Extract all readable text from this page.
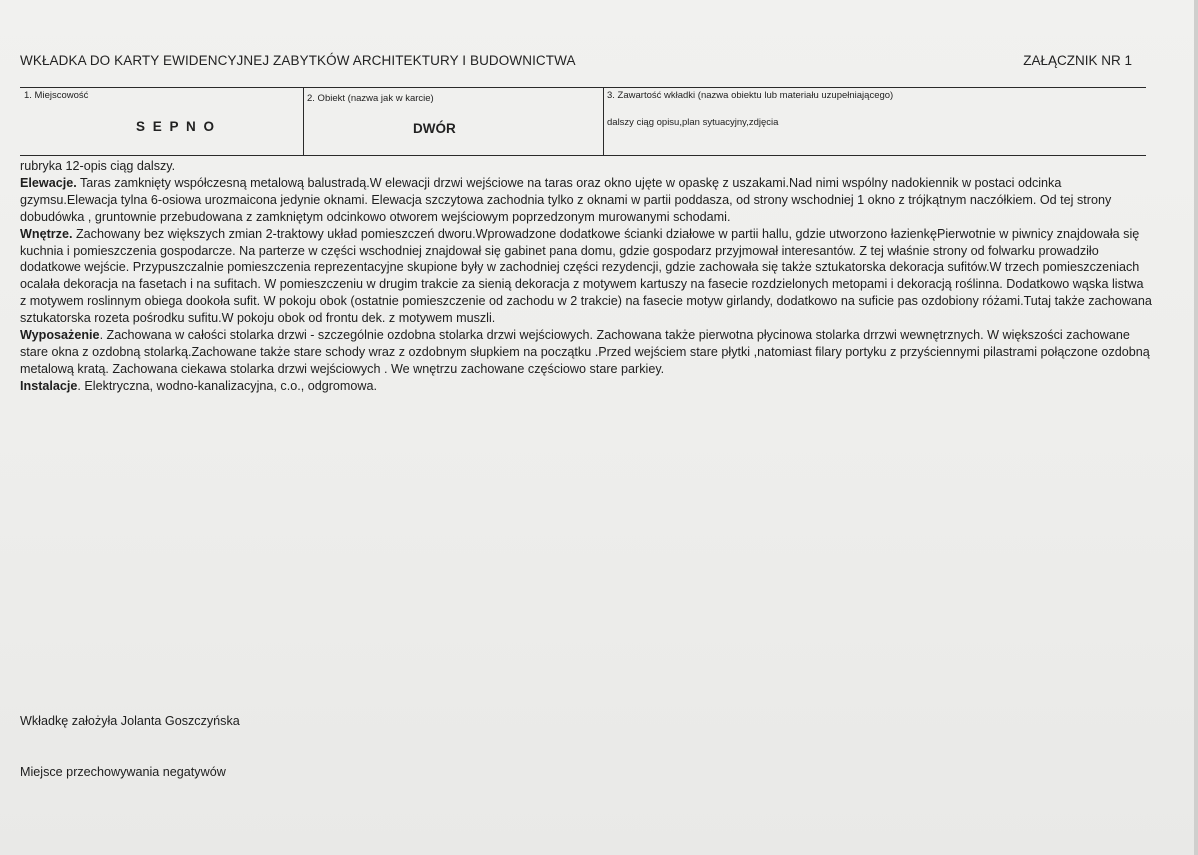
WKŁADKA DO KARTY EWIDENCYJNEJ ZABYTKÓW ARCHITEKTURY I BUDOWNICTWA	ZAŁĄCZNIK NR 1
1. Miejscowość
S E P N O
2. Obiekt (nazwa jak w karcie)
DWÓR
3. Zawartość wkładki (nazwa obiektu lub materiału uzupełniającego)
dalszy ciąg opisu,plan sytuacyjny,zdjęcia

rubryka 12-opis ciąg dalszy.

Elewacje. Taras zamknięty współczesną metalową balustradą.W elewacji drzwi wejściowe na taras oraz okno ujęte w opaskę z uszakami.Nad nimi wspólny nadokiennik w postaci odcinka gzymsu.Elewacja tylna 6-osiowa urozmaicona jedynie oknami. Elewacja szczytowa zachodnia tylko z oknami w partii poddasza, od strony wschodniej 1 okno z trójkątnym naczółkiem. Od tej strony dobudówka , gruntownie przebudowana z zamkniętym odcinkowo otworem wejściowym poprzedzonym murowanymi schodami.

Wnętrze. Zachowany bez większych zmian 2-traktowy układ pomieszczeń dworu.Wprowadzone dodatkowe ścianki działowe w partii hallu, gdzie utworzono łazienkęPierwotnie w piwnicy znajdowała się kuchnia i pomieszczenia gospodarcze. Na parterze w części wschodniej znajdował się gabinet pana domu, gdzie gospodarz przyjmował interesantów. Z tej właśnie strony od folwarku prowadziło dodatkowe wejście. Przypuszczalnie pomieszczenia reprezentacyjne skupione były w zachodniej części rezydencji, gdzie zachowała się także sztukatorska dekoracja sufitów.W trzech pomieszczeniach ocalała dekoracja na fasetach i na sufitach. W pomieszczeniu w drugim trakcie za sienią dekoracja z motywem kartuszy na fasecie rozdzielonych metopami i dekoracją roślinna. Dodatkowo wąska listwa z motywem roslinnym obiega dookoła sufit. W pokoju obok (ostatnie pomieszczenie od zachodu w 2 trakcie) na fasecie motyw girlandy, dodatkowo na suficie pas ozdobiony różami.Tutaj także zachowana sztukatorska rozeta pośrodku sufitu.W pokoju obok od frontu dek. z motywem muszli.

Wyposażenie. Zachowana w całości stolarka drzwi - szczególnie ozdobna stolarka drzwi wejściowych. Zachowana także pierwotna płycinowa stolarka drrzwi wewnętrznych. W większości zachowane stare okna z ozdobną stolarką.Zachowane także stare schody wraz z ozdobnym słupkiem na początku .Przed wejściem stare płytki ,natomiast filary portyku z przyściennymi pilastrami połączone ozdobną metalową kratą. Zachowana ciekawa stolarka drzwi wejściowych . We wnętrzu zachowane częściowo stare parkiey.

Instalacje. Elektryczna, wodno-kanalizacyjna, c.o., odgromowa.

Wkładkę założyła Jolanta Goszczyńska
Miejsce przechowywania negatywów
